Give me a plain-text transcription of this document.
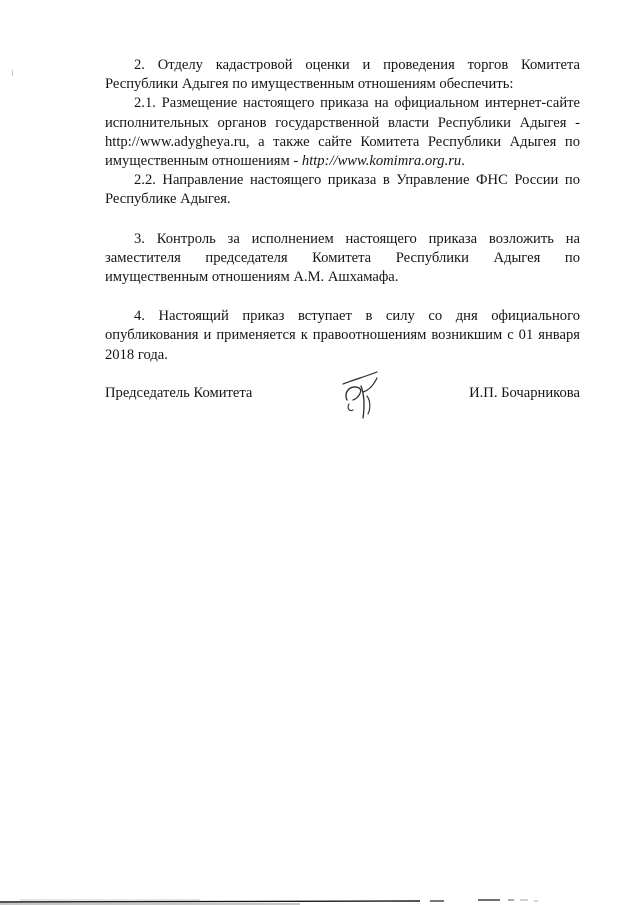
2. Отделу кадастровой оценки и проведения торгов Комитета Республики Адыгея по имущественным отношениям обеспечить:

2.1. Размещение настоящего приказа на официальном интернет-сайте исполнительных органов государственной власти Республики Адыгея - http://www.adygheya.ru, а также сайте Комитета Республики Адыгея по имущественным отношениям - http://www.komimra.org.ru.

2.2. Направление настоящего приказа в Управление ФНС России по Республике Адыгея.

3. Контроль за исполнением настоящего приказа возложить на заместителя председателя Комитета Республики Адыгея по имущественным отношениям А.М. Ашхамафа.

4. Настоящий приказ вступает в силу со дня официального опубликования и применяется к правоотношениям возникшим с 01 января 2018 года.

Председатель Комитета	И.П. Бочарникова
